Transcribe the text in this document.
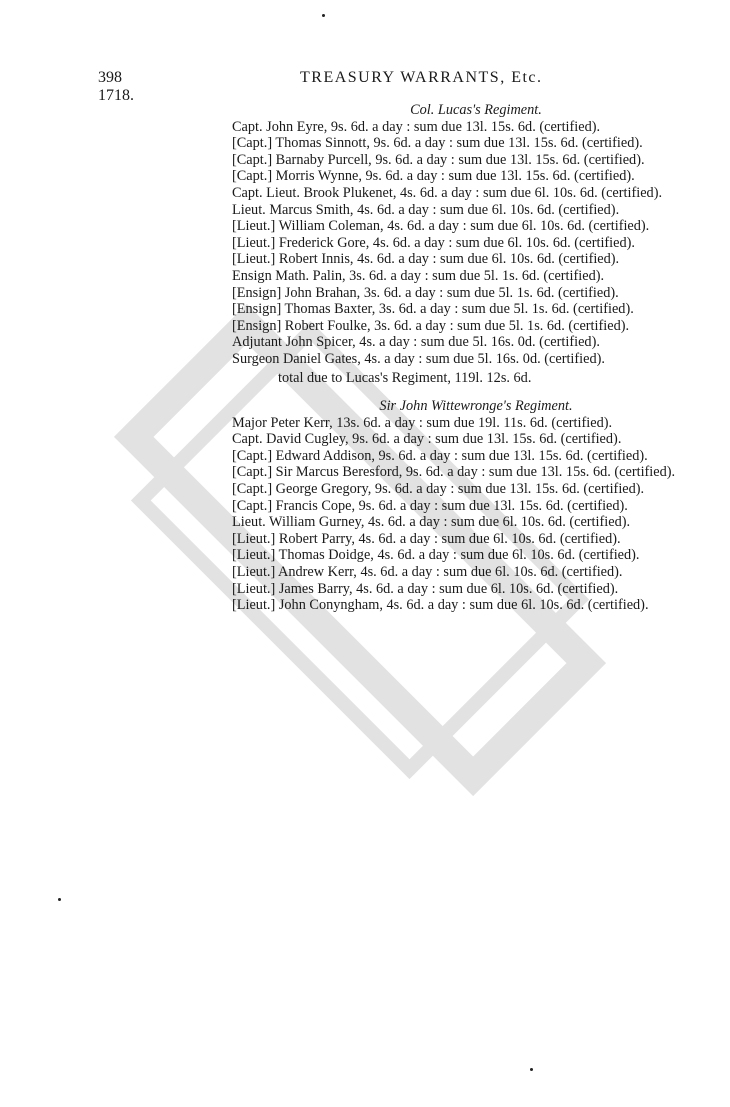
398
1718.
TREASURY WARRANTS, Etc.
Col. Lucas's Regiment.
Capt. John Eyre, 9s. 6d. a day : sum due 13l. 15s. 6d. (certified).
[Capt.] Thomas Sinnott, 9s. 6d. a day : sum due 13l. 15s. 6d. (certified).
[Capt.] Barnaby Purcell, 9s. 6d. a day : sum due 13l. 15s. 6d. (certified).
[Capt.] Morris Wynne, 9s. 6d. a day : sum due 13l. 15s. 6d. (certified).
Capt. Lieut. Brook Plukenet, 4s. 6d. a day : sum due 6l. 10s. 6d. (certified).
Lieut. Marcus Smith, 4s. 6d. a day : sum due 6l. 10s. 6d. (certified).
[Lieut.] William Coleman, 4s. 6d. a day : sum due 6l. 10s. 6d. (certified).
[Lieut.] Frederick Gore, 4s. 6d. a day : sum due 6l. 10s. 6d. (certified).
[Lieut.] Robert Innis, 4s. 6d. a day : sum due 6l. 10s. 6d. (certified).
Ensign Math. Palin, 3s. 6d. a day : sum due 5l. 1s. 6d. (certified).
[Ensign] John Brahan, 3s. 6d. a day : sum due 5l. 1s. 6d. (certified).
[Ensign] Thomas Baxter, 3s. 6d. a day : sum due 5l. 1s. 6d. (certified).
[Ensign] Robert Foulke, 3s. 6d. a day : sum due 5l. 1s. 6d. (certified).
Adjutant John Spicer, 4s. a day : sum due 5l. 16s. 0d. (certified).
Surgeon Daniel Gates, 4s. a day : sum due 5l. 16s. 0d. (certified).
total due to Lucas's Regiment, 119l. 12s. 6d.
Sir John Wittewronge's Regiment.
Major Peter Kerr, 13s. 6d. a day : sum due 19l. 11s. 6d. (certified).
Capt. David Cugley, 9s. 6d. a day : sum due 13l. 15s. 6d. (certified).
[Capt.] Edward Addison, 9s. 6d. a day : sum due 13l. 15s. 6d. (certified).
[Capt.] Sir Marcus Beresford, 9s. 6d. a day : sum due 13l. 15s. 6d. (certified).
[Capt.] George Gregory, 9s. 6d. a day : sum due 13l. 15s. 6d. (certified).
[Capt.] Francis Cope, 9s. 6d. a day : sum due 13l. 15s. 6d. (certified).
Lieut. William Gurney, 4s. 6d. a day : sum due 6l. 10s. 6d. (certified).
[Lieut.] Robert Parry, 4s. 6d. a day : sum due 6l. 10s. 6d. (certified).
[Lieut.] Thomas Doidge, 4s. 6d. a day : sum due 6l. 10s. 6d. (certified).
[Lieut.] Andrew Kerr, 4s. 6d. a day : sum due 6l. 10s. 6d. (certified).
[Lieut.] James Barry, 4s. 6d. a day : sum due 6l. 10s. 6d. (certified).
[Lieut.] John Conyngham, 4s. 6d. a day : sum due 6l. 10s. 6d. (certified).
